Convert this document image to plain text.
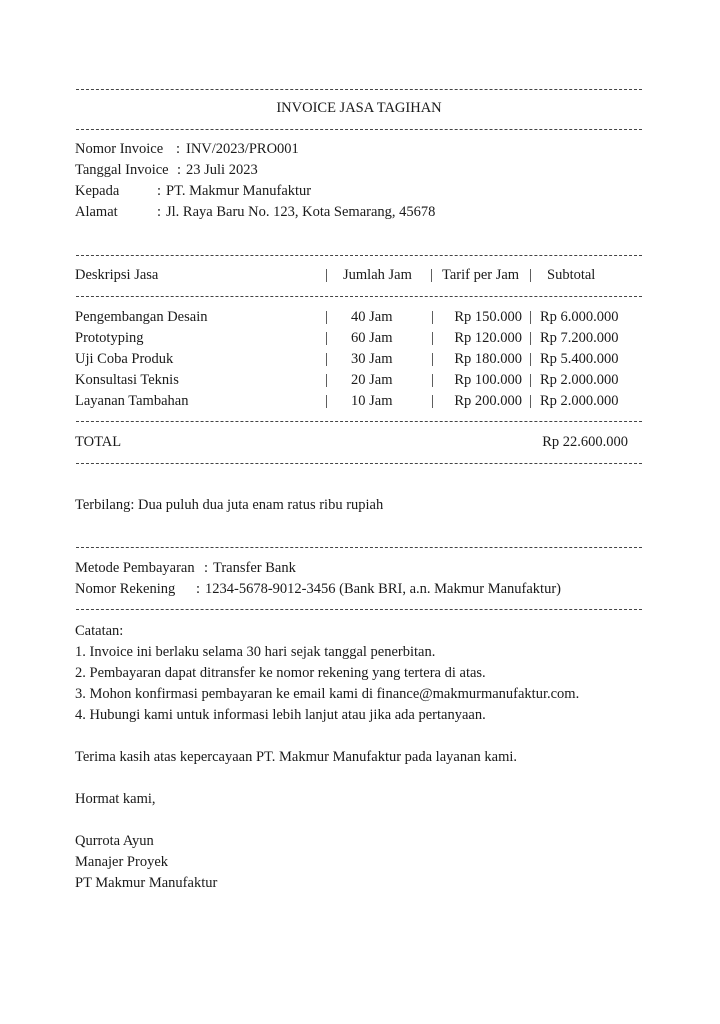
INVOICE JASA TAGIHAN
Nomor Invoice : INV/2023/PRO001
Tanggal Invoice : 23 Juli 2023
Kepada	: PT. Makmur Manufaktur
Alamat	: Jl. Raya Baru No. 123, Kota Semarang, 45678
Deskripsi Jasa	| Jumlah Jam | Tarif per Jam | Subtotal
Pengembangan Desain	| 40 Jam	|	Rp 150.000 | Rp 6.000.000
Prototyping	| 60 Jam	|	Rp 120.000 | Rp 7.200.000
Uji Coba Produk	| 30 Jam	|	Rp 180.000 | Rp 5.400.000
Konsultasi Teknis	| 20 Jam	|	Rp 100.000 | Rp 2.000.000
Layanan Tambahan	| 10 Jam	|	Rp 200.000 | Rp 2.000.000
TOTAL	Rp 22.600.000
Terbilang: Dua puluh dua juta enam ratus ribu rupiah
Metode Pembayaran : Transfer Bank
Nomor Rekening : 1234-5678-9012-3456 (Bank BRI, a.n. Makmur Manufaktur)
Catatan:
1. Invoice ini berlaku selama 30 hari sejak tanggal penerbitan.
2. Pembayaran dapat ditransfer ke nomor rekening yang tertera di atas.
3. Mohon konfirmasi pembayaran ke email kami di finance@makmurmanufaktur.com.
4. Hubungi kami untuk informasi lebih lanjut atau jika ada pertanyaan.
Terima kasih atas kepercayaan PT. Makmur Manufaktur pada layanan kami.
Hormat kami,
Qurrota Ayun
Manajer Proyek
PT Makmur Manufaktur
